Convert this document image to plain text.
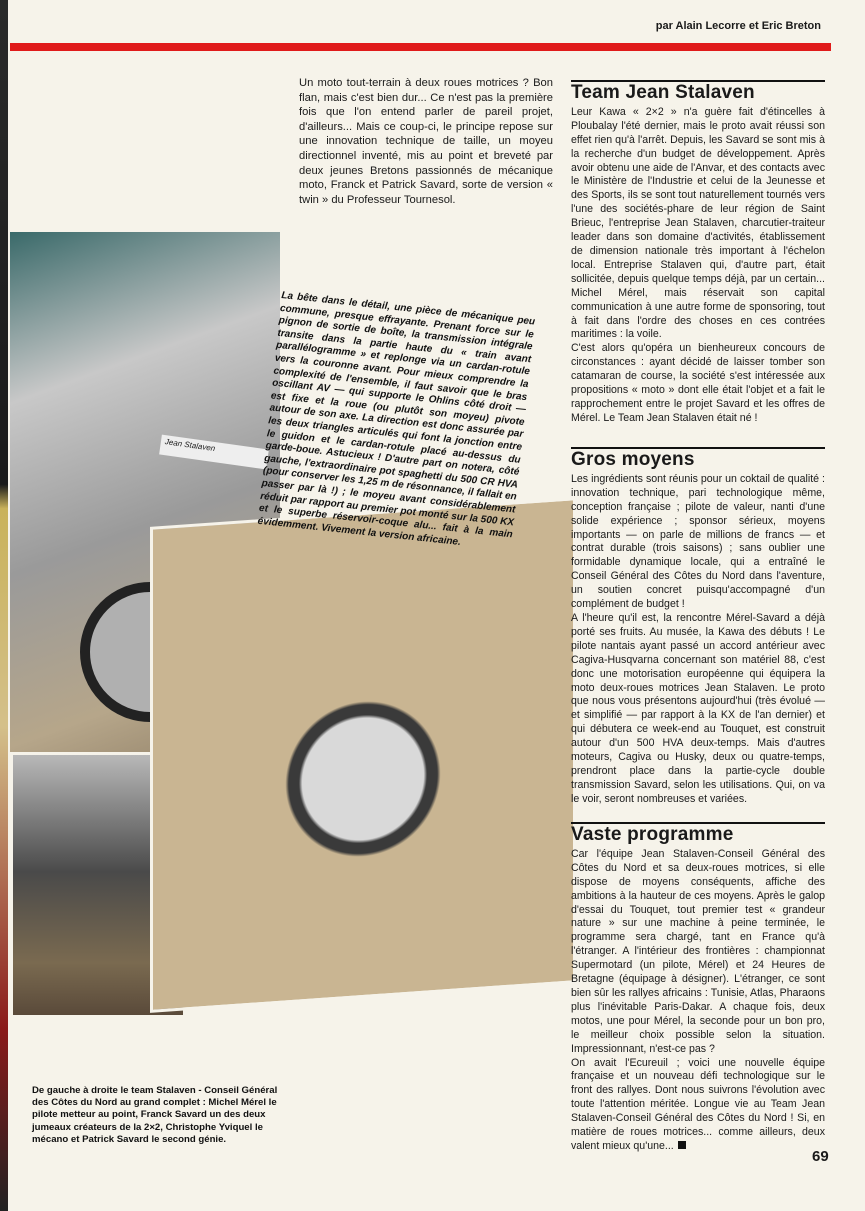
par Alain Lecorre et Eric Breton
Un moto tout-terrain à deux roues motrices ? Bon flan, mais c'est bien dur... Ce n'est pas la première fois que l'on entend parler de pareil projet, d'ailleurs... Mais ce coup-ci, le principe repose sur une innovation technique de taille, un moyeu directionnel inventé, mis au point et breveté par deux jeunes Bretons passionnés de mécanique moto, Franck et Patrick Savard, sorte de version « twin » du Professeur Tournesol.
Jean Stalaven
La bête dans le détail, une pièce de mécanique peu commune, presque effrayante. Prenant force sur le pignon de sortie de boîte, la transmission intégrale transite dans la partie haute du « train avant parallélogramme » et replonge via un cardan-rotule vers la couronne avant. Pour mieux comprendre la complexité de l'ensemble, il faut savoir que le bras oscillant AV — qui supporte le Ohlins côté droit — est fixe et la roue (ou plutôt son moyeu) pivote autour de son axe. La direction est donc assurée par les deux triangles articulés qui font la jonction entre le guidon et le cardan-rotule placé au-dessus du garde-boue. Astucieux ! D'autre part on notera, côté gauche, l'extraordinaire pot spaghetti du 500 CR HVA (pour conserver les 1,25 m de résonnance, il fallait en passer par là !) ; le moyeu avant considérablement réduit par rapport au premier pot monté sur la 500 KX et le superbe réservoir-coque alu... fait à la main évidemment. Vivement la version africaine.
De gauche à droite le team Stalaven - Conseil Général des Côtes du Nord au grand complet : Michel Mérel le pilote metteur au point, Franck Savard un des deux jumeaux créateurs de la 2×2, Christophe Yviquel le mécano et Patrick Savard le second génie.
Team Jean Stalaven

Leur Kawa « 2×2 » n'a guère fait d'étincelles à Ploubalay l'été dernier, mais le proto avait réussi son effet rien qu'à l'arrêt. Depuis, les Savard se sont mis à la recherche d'un budget de développement. Après avoir obtenu une aide de l'Anvar, et des contacts avec le Ministère de l'Industrie et celui de la Jeunesse et des Sports, ils se sont tout naturellement tournés vers l'une des sociétés-phare de leur région de Saint Brieuc, l'entreprise Jean Stalaven, charcutier-traiteur leader dans son domaine d'activités, établissement de dimension nationale très important à l'échelon local. Entreprise Stalaven qui, d'autre part, était sollicitée, depuis quelque temps déjà, par un certain... Michel Mérel, mais réservait son capital communication à une autre forme de sponsoring, tout à fait dans l'ordre des choses en ces contrées maritimes : la voile.

C'est alors qu'opéra un bienheureux concours de circonstances : ayant décidé de laisser tomber son catamaran de course, la société s'est intéressée aux propositions « moto » dont elle était l'objet et a fait le rapprochement entre le projet Savard et les offres de Mérel. Le Team Jean Stalaven était né !

Gros moyens

Les ingrédients sont réunis pour un coktail de qualité : innovation technique, pari technologique même, conception française ; pilote de valeur, nanti d'une solide expérience ; sponsor sérieux, moyens importants — on parle de millions de francs — et contrat durable (trois saisons) ; sans oublier une formidable dynamique locale, qui a entraîné le Conseil Général des Côtes du Nord dans l'aventure, un soutien concret puisqu'accompagné d'un complément de budget !

A l'heure qu'il est, la rencontre Mérel-Savard a déjà porté ses fruits. Au musée, la Kawa des débuts ! Le pilote nantais ayant passé un accord antérieur avec Cagiva-Husqvarna concernant son matériel 88, c'est donc une motorisation européenne qui équipera la moto deux-roues motrices Jean Stalaven. Le proto que nous vous présentons aujourd'hui (très évolué — et simplifié — par rapport à la KX de l'an dernier) et qui débutera ce week-end au Touquet, est construit autour d'un 500 HVA deux-temps. Mais d'autres moteurs, Cagiva ou Husky, deux ou quatre-temps, prendront place dans la partie-cycle double transmission Savard, selon les utilisations. Qui, on va le voir, seront nombreuses et variées.

Vaste programme

Car l'équipe Jean Stalaven-Conseil Général des Côtes du Nord et sa deux-roues motrices, si elle dispose de moyens conséquents, affiche des ambitions à la hauteur de ces moyens. Après le galop d'essai du Touquet, tout premier test « grandeur nature » sur une machine à peine terminée, le programme sera chargé, tant en France qu'à l'étranger. A l'intérieur des frontières : championnat Supermotard (un pilote, Mérel) et 24 Heures de Bretagne (équipage à désigner). L'étranger, ce sont bien sûr les rallyes africains : Tunisie, Atlas, Pharaons plus l'inévitable Paris-Dakar. A chaque fois, deux motos, une pour Mérel, la seconde pour un bon pro, le meilleur choix possible selon la situation. Impressionnant, n'est-ce pas ?

On avait l'Ecureuil ; voici une nouvelle équipe française et un nouveau défi technologique sur le front des rallyes. Dont nous suivrons l'évolution avec toute l'attention méritée. Longue vie au Team Jean Stalaven-Conseil Général des Côtes du Nord ! Si, en matière de roues motrices... comme ailleurs, deux valent mieux qu'une...

69
